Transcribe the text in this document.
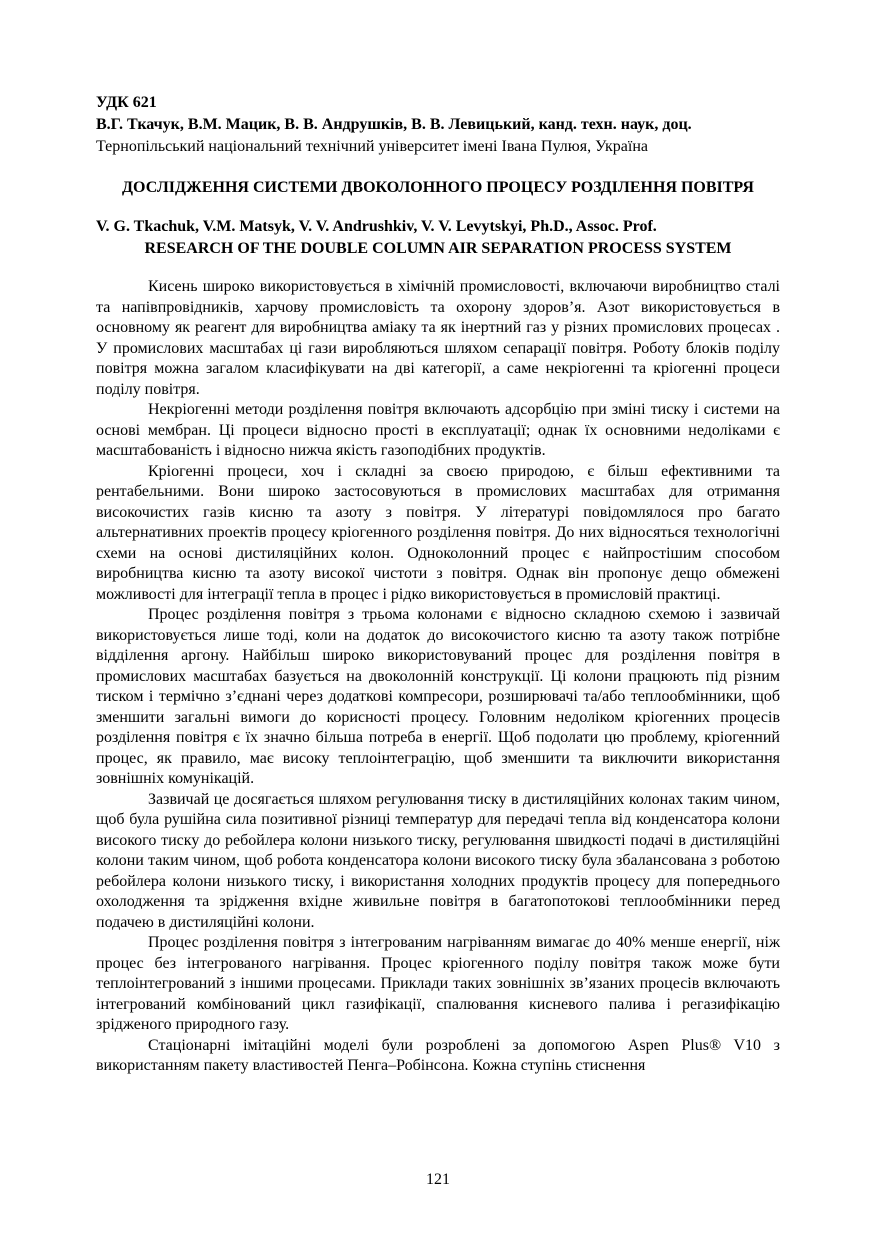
УДК 621

В.Г. Ткачук, В.М. Мацик, В. В. Андрушків, В. В. Левицький, канд. техн. наук, доц.

Тернопільський національний технічний університет імені Івана Пулюя, Україна

ДОСЛІДЖЕННЯ СИСТЕМИ ДВОКОЛОННОГО ПРОЦЕСУ РОЗДІЛЕННЯ ПОВІТРЯ

V. G. Tkachuk, V.M. Matsyk, V. V. Andrushkiv, V. V. Levytskyi, Ph.D., Assoc. Prof.

RESEARCH OF THE DOUBLE COLUMN AIR SEPARATION PROCESS SYSTEM

Кисень широко використовується в хімічній промисловості, включаючи виробництво сталі та напівпровідників, харчову промисловість та охорону здоров’я. Азот використовується в основному як реагент для виробництва аміаку та як інертний газ у різних промислових процесах . У промислових масштабах ці гази виробляються шляхом сепарації повітря. Роботу блоків поділу повітря можна загалом класифікувати на дві категорії, а саме некріогенні та кріогенні процеси поділу повітря.

Некріогенні методи розділення повітря включають адсорбцію при зміні тиску і системи на основі мембран. Ці процеси відносно прості в експлуатації; однак їх основними недоліками є масштабованість і відносно нижча якість газоподібних продуктів.

Кріогенні процеси, хоч і складні за своєю природою, є більш ефективними та рентабельними. Вони широко застосовуються в промислових масштабах для отримання високочистих газів кисню та азоту з повітря. У літературі повідомлялося про багато альтернативних проектів процесу кріогенного розділення повітря. До них відносяться технологічні схеми на основі дистиляційних колон. Одноколонний процес є найпростішим способом виробництва кисню та азоту високої чистоти з повітря. Однак він пропонує дещо обмежені можливості для інтеграції тепла в процес і рідко використовується в промисловій практиці.

Процес розділення повітря з трьома колонами є відносно складною схемою і зазвичай використовується лише тоді, коли на додаток до високочистого кисню та азоту також потрібне відділення аргону. Найбільш широко використовуваний процес для розділення повітря в промислових масштабах базується на двоколонній конструкції. Ці колони працюють під різним тиском і термічно з’єднані через додаткові компресори, розширювачі та/або теплообмінники, щоб зменшити загальні вимоги до корисності процесу. Головним недоліком кріогенних процесів розділення повітря є їх значно більша потреба в енергії. Щоб подолати цю проблему, кріогенний процес, як правило, має високу теплоінтеграцію, щоб зменшити та виключити використання зовнішніх комунікацій.

Зазвичай це досягається шляхом регулювання тиску в дистиляційних колонах таким чином, щоб була рушійна сила позитивної різниці температур для передачі тепла від конденсатора колони високого тиску до ребойлера колони низького тиску, регулювання швидкості подачі в дистиляційні колони таким чином, щоб робота конденсатора колони високого тиску була збалансована з роботою ребойлера колони низького тиску, і використання холодних продуктів процесу для попереднього охолодження та зрідження вхідне живильне повітря в багатопотокові теплообмінники перед подачею в дистиляційні колони.

Процес розділення повітря з інтегрованим нагріванням вимагає до 40% менше енергії, ніж процес без інтегрованого нагрівання. Процес кріогенного поділу повітря також може бути теплоінтегрований з іншими процесами. Приклади таких зовнішніх зв’язаних процесів включають інтегрований комбінований цикл газифікації, спалювання кисневого палива і регазифікацію зрідженого природного газу.

Стаціонарні імітаційні моделі були розроблені за допомогою Aspen Plus® V10 з використанням пакету властивостей Пенга–Робінсона. Кожна ступінь стиснення

121
